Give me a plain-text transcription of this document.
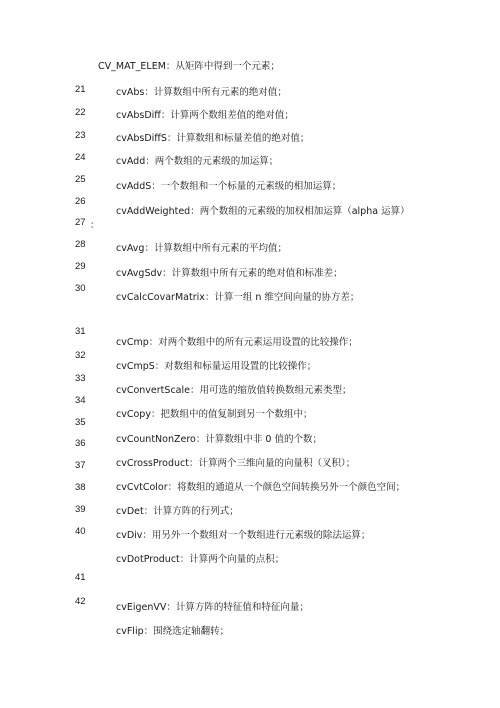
CV_MAT_ELEM：从矩阵中得到一个元素；
21
22
23
24
25
26
27
28
29
30
31
32
33
34
35
36
37
38
39
40
41
42
：
cvAbs：计算数组中所有元素的绝对值；
cvAbsDiff：计算两个数组差值的绝对值；
cvAbsDiffS：计算数组和标量差值的绝对值；
cvAdd：两个数组的元素级的加运算；
cvAddS：一个数组和一个标量的元素级的相加运算；
cvAddWeighted：两个数组的元素级的加权相加运算（alpha 运算）
cvAvg：计算数组中所有元素的平均值；
cvAvgSdv：计算数组中所有元素的绝对值和标准差；
cvCalcCovarMatrix：计算一组 n 维空间向量的协方差；
cvCmp：对两个数组中的所有元素运用设置的比较操作；
cvCmpS：对数组和标量运用设置的比较操作；
cvConvertScale：用可选的缩放值转换数组元素类型；
cvCopy：把数组中的值复制到另一个数组中；
cvCountNonZero：计算数组中非 0 值的个数；
cvCrossProduct：计算两个三维向量的向量积（叉积）；
cvCvtColor：将数组的通道从一个颜色空间转换另外一个颜色空间；
cvDet：计算方阵的行列式；
cvDiv：用另外一个数组对一个数组进行元素级的除法运算；
cvDotProduct：计算两个向量的点积；
cvEigenVV：计算方阵的特征值和特征向量；
cvFlip：围绕选定轴翻转；
